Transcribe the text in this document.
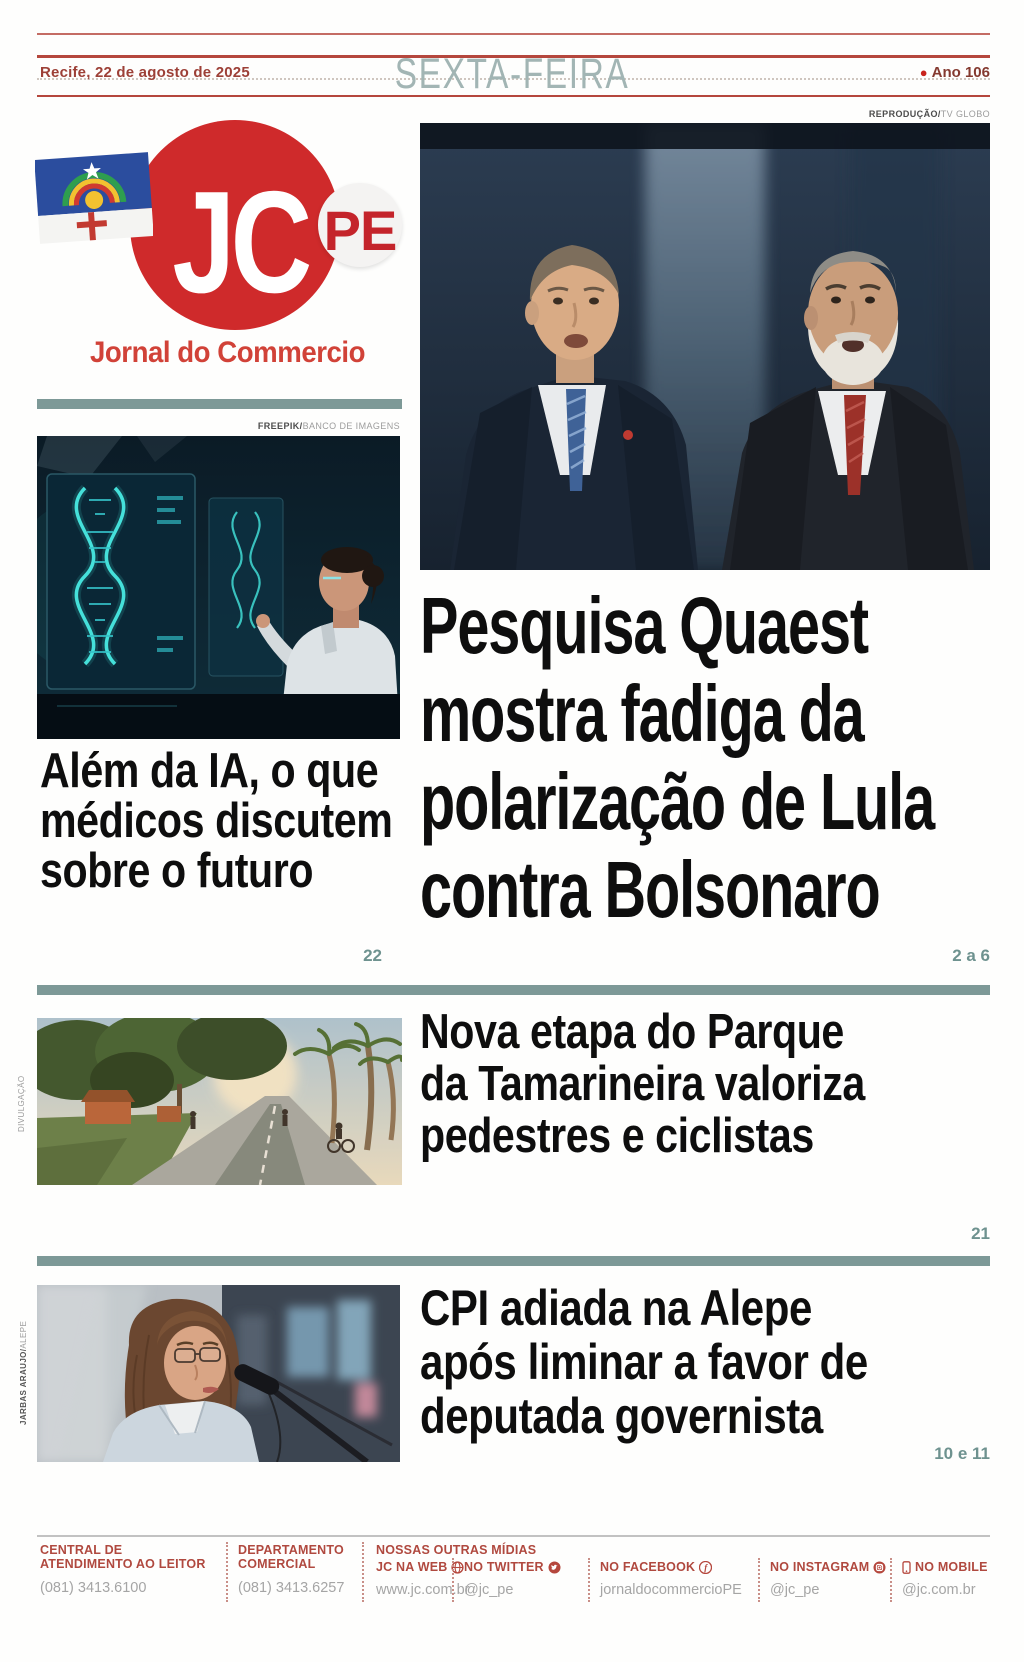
Recife, 22 de agosto de 2025	SEXTA-FEIRA	● Ano 106
JC PE
Jornal do Commercio
REPRODUÇÃO/TV GLOBO
Pesquisa Quaest
mostra fadiga da
polarização de Lula
contra Bolsonaro
2 a 6
FREEPIK/BANCO DE IMAGENS
Além da IA, o que
médicos discutem
sobre o futuro
22
DIVULGAÇÃO
Nova etapa do Parque
da Tamarineira valoriza
pedestres e ciclistas
21
JARBAS ARAUJO/ALEPE	CPI adiada na Alepe
após liminar a favor de
deputada governista
10 e 11
CENTRAL DE
ATENDIMENTO AO LEITOR
(081) 3413.6100
DEPARTAMENTO
COMERCIAL
(081) 3413.6257
NOSSAS OUTRAS MÍDIAS
JC NA WEB
www.jc.com.br
NO TWITTER
@jc_pe
NO FACEBOOK f
jornaldocommercioPE
NO INSTAGRAM
@jc_pe
NO MOBILE
@jc.com.br
